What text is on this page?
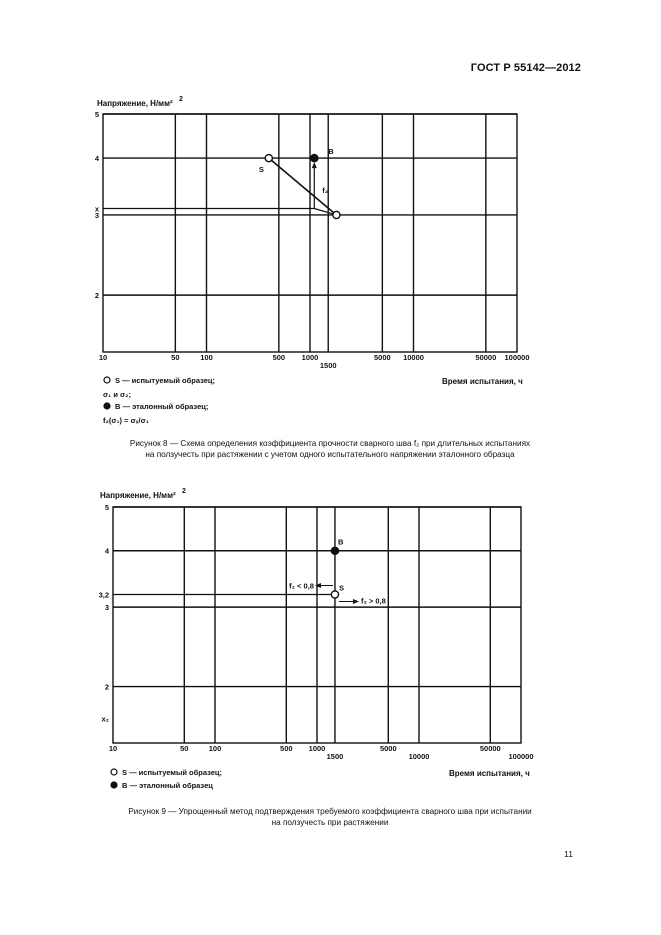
ГОСТ Р 55142—2012
Напряжение, Н/мм² 2
10	50	100	500 1000
1500
5000 10000	50000 100000
2
3
4
5
S
B
f₂
x
Время испытания, ч
S — испытуемый образец;
σ₁ и σ₂;
B — эталонный образец;
f₂(σ₁) = σₓ/σ₁
Рисунок 8 — Схема определения коэффициента прочности сварного шва f₂ при длительных испытаниях
на ползучесть при растяжении с учетом одного испытательного напряжении эталонного образца
Напряжение, Н/мм² 2
10	50	100	500 1000
1500
5000
10000
50000
100000
2
3
4
5
f₂ < 0,8
f₂ > 0,8
S
B
3,2
x₂
Время испытания, ч
S — испытуемый образец;
B — эталонный образец
Рисунок 9 — Упрощенный метод подтверждения требуемого коэффициента сварного шва при испытании
на ползучесть при растяжении
11
